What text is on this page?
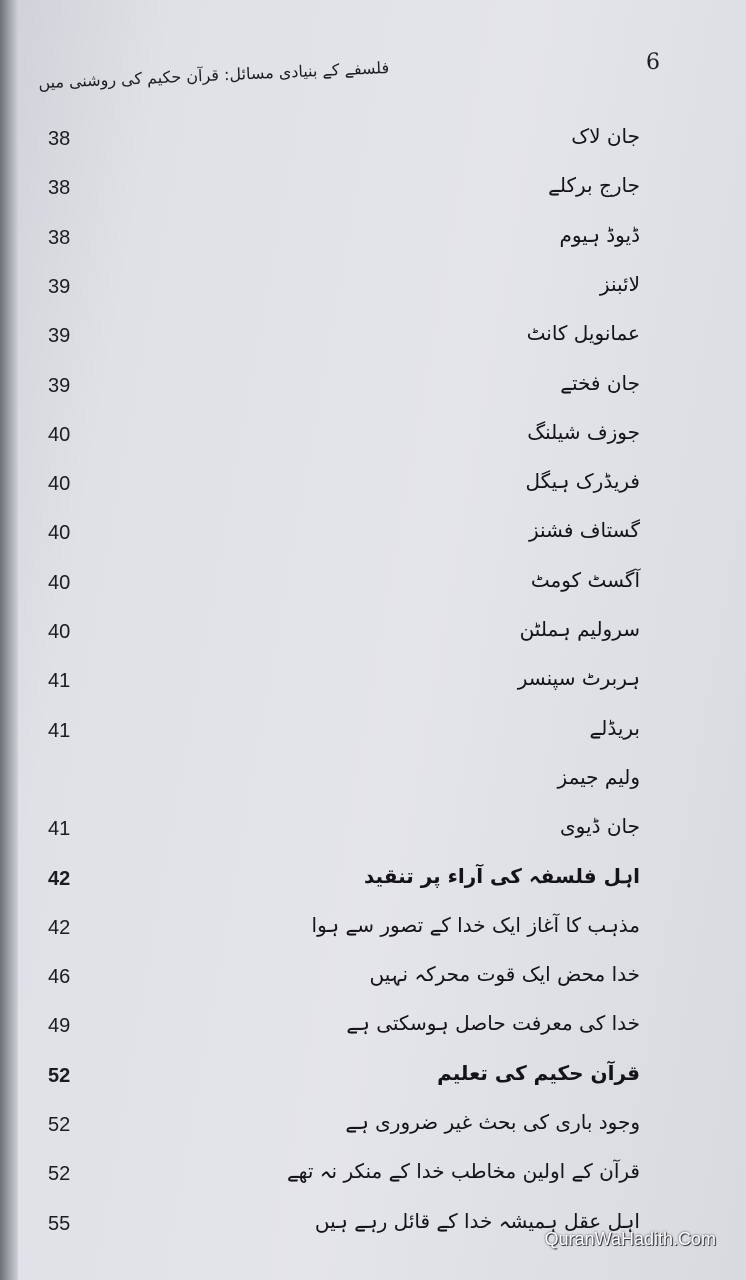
6
فلسفے کے بنیادی مسائل: قرآن حکیم کی روشنی میں
38	جان لاک
38	جارج برکلے
38	ڈیوڈ ہیوم
39	لائبنز
39	عمانویل کانٹ
39	جان فختے
40	جوزف شیلنگ
40	فریڈرک ہیگل
40	گستاف فشنز
40	آگسٹ کومٹ
40	سرولیم ہملٹن
41	ہربرٹ سپنسر
41	بریڈلے
ولیم جیمز
41	جان ڈیوی
42	اہل فلسفہ کی آراء پر تنقید
42	مذہب کا آغاز ایک خدا کے تصور سے ہوا
46	خدا محض ایک قوت محرکہ نہیں
49	خدا کی معرفت حاصل ہوسکتی ہے
52	قرآن حکیم کی تعلیم
52	وجود باری کی بحث غیر ضروری ہے
52	قرآن کے اولین مخاطب خدا کے منکر نہ تھے
55	اہل عقل ہمیشہ خدا کے قائل رہے ہیں
QuranWaHadith.Com
